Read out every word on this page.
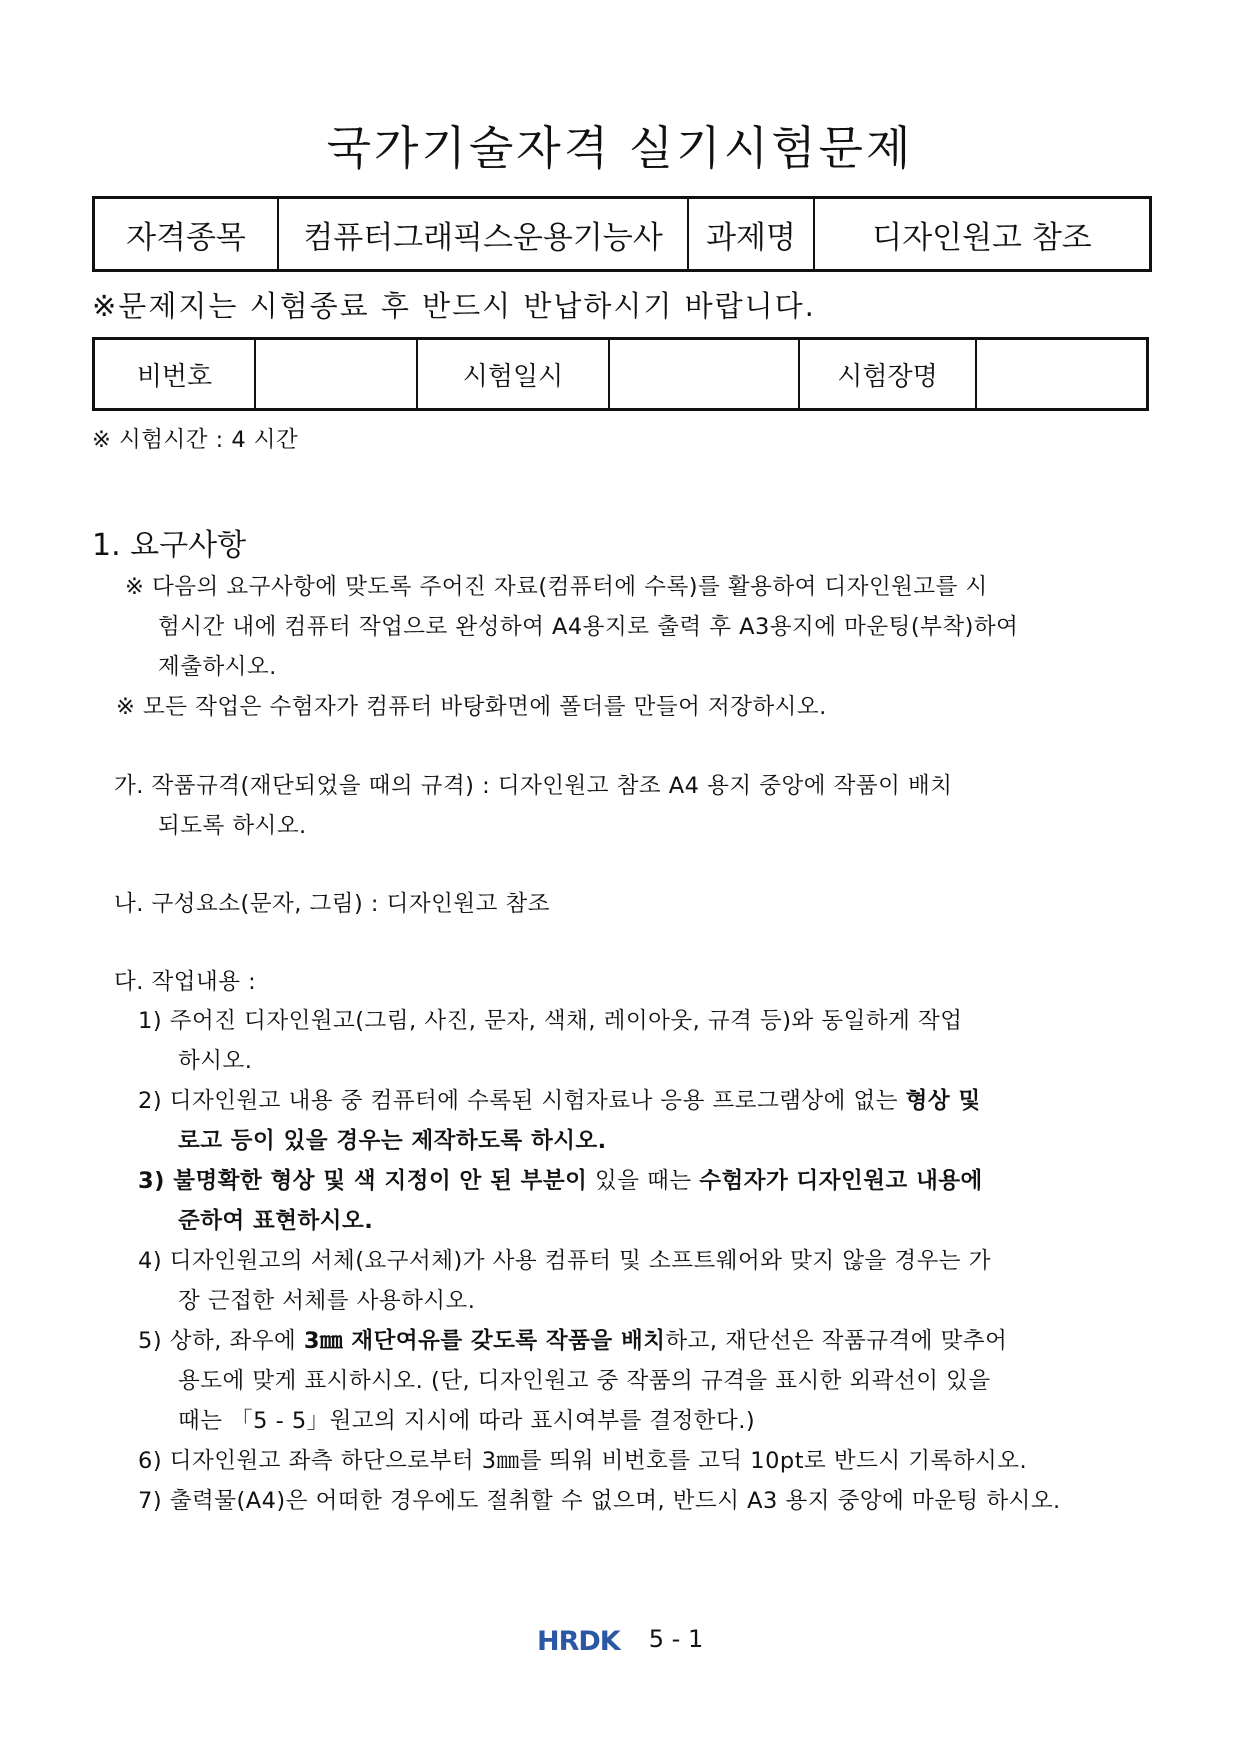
국가기술자격 실기시험문제
자격종목	컴퓨터그래픽스운용기능사	과제명	디자인원고 참조
※문제지는 시험종료 후 반드시 반납하시기 바랍니다.
비번호		시험일시		시험장명	
※ 시험시간 : 4 시간
1. 요구사항
※ 다음의 요구사항에 맞도록 주어진 자료(컴퓨터에 수록)를 활용하여 디자인원고를 시
험시간 내에 컴퓨터 작업으로 완성하여 A4용지로 출력 후 A3용지에 마운팅(부착)하여
제출하시오.
※ 모든 작업은 수험자가 컴퓨터 바탕화면에 폴더를 만들어 저장하시오.
가. 작품규격(재단되었을 때의 규격) : 디자인원고 참조 A4 용지 중앙에 작품이 배치
되도록 하시오.
나. 구성요소(문자, 그림) : 디자인원고 참조
다. 작업내용 :
1) 주어진 디자인원고(그림, 사진, 문자, 색채, 레이아웃, 규격 등)와 동일하게 작업
하시오.
2) 디자인원고 내용 중 컴퓨터에 수록된 시험자료나 응용 프로그램상에 없는 형상 및
로고 등이 있을 경우는 제작하도록 하시오.
3) 불명확한 형상 및 색 지정이 안 된 부분이 있을 때는 수험자가 디자인원고 내용에
준하여 표현하시오.
4) 디자인원고의 서체(요구서체)가 사용 컴퓨터 및 소프트웨어와 맞지 않을 경우는 가
장 근접한 서체를 사용하시오.
5) 상하, 좌우에 3㎜ 재단여유를 갖도록 작품을 배치하고, 재단선은 작품규격에 맞추어
용도에 맞게 표시하시오. (단, 디자인원고 중 작품의 규격을 표시한 외곽선이 있을
때는 「5 - 5」원고의 지시에 따라 표시여부를 결정한다.)
6) 디자인원고 좌측 하단으로부터 3㎜를 띄워 비번호를 고딕 10pt로 반드시 기록하시오.
7) 출력물(A4)은 어떠한 경우에도 절취할 수 없으며, 반드시 A3 용지 중앙에 마운팅 하시오.
HRDK 5 - 1
